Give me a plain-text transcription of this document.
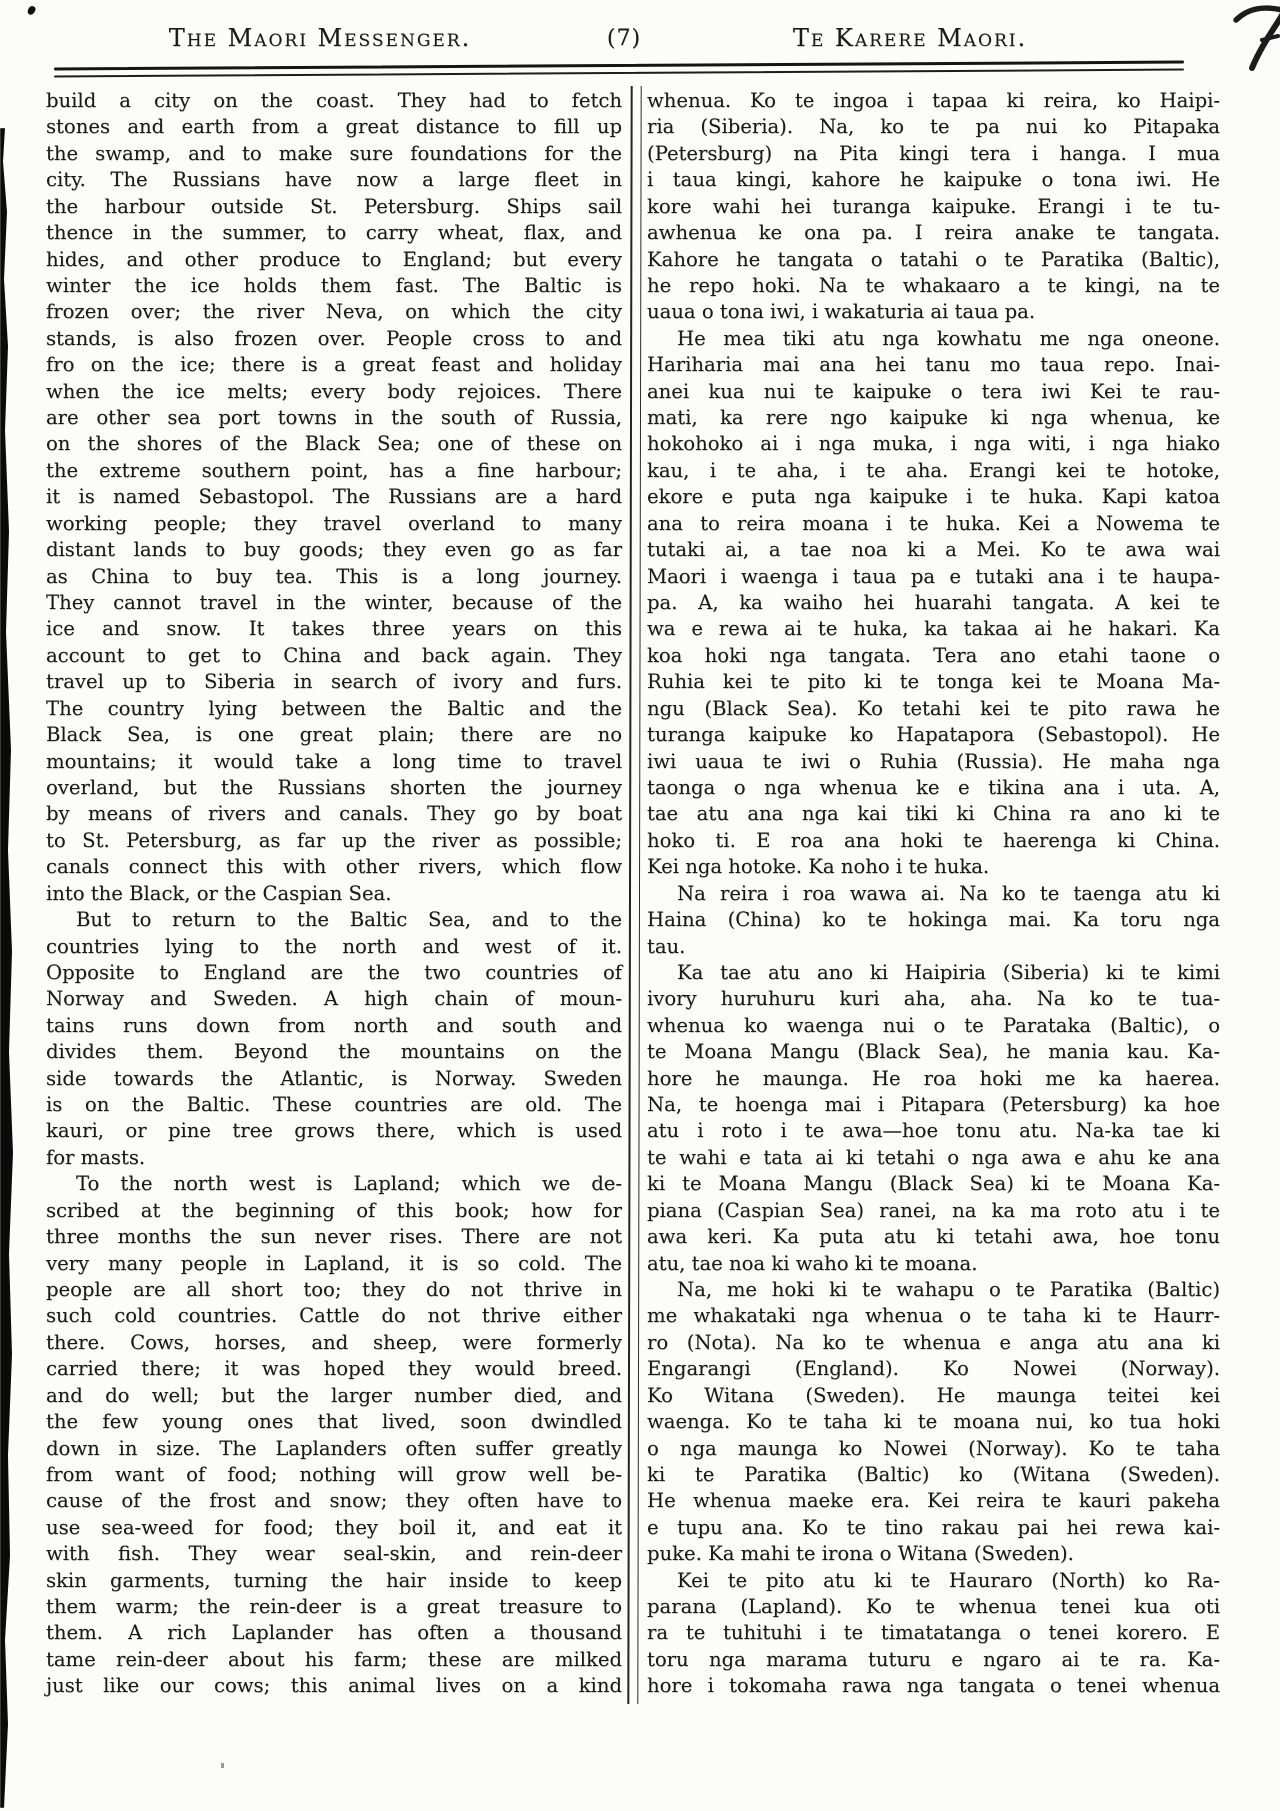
The Maori Messenger.	(7)	Te Karere Maori.
build a city on the coast. They had to fetch
stones and earth from a great distance to fill up
the swamp, and to make sure foundations for the
city. The Russians have now a large fleet in
the harbour outside St. Petersburg. Ships sail
thence in the summer, to carry wheat, flax, and
hides, and other produce to England; but every
winter the ice holds them fast. The Baltic is
frozen over; the river Neva, on which the city
stands, is also frozen over. People cross to and
fro on the ice; there is a great feast and holiday
when the ice melts; every body rejoices. There
are other sea port towns in the south of Russia,
on the shores of the Black Sea; one of these on
the extreme southern point, has a fine harbour;
it is named Sebastopol. The Russians are a hard
working people; they travel overland to many
distant lands to buy goods; they even go as far
as China to buy tea. This is a long journey.
They cannot travel in the winter, because of the
ice and snow. It takes three years on this
account to get to China and back again. They
travel up to Siberia in search of ivory and furs.
The country lying between the Baltic and the
Black Sea, is one great plain; there are no
mountains; it would take a long time to travel
overland, but the Russians shorten the journey
by means of rivers and canals. They go by boat
to St. Petersburg, as far up the river as possible;
canals connect this with other rivers, which flow
into the Black, or the Caspian Sea.
But to return to the Baltic Sea, and to the
countries lying to the north and west of it.
Opposite to England are the two countries of
Norway and Sweden. A high chain of moun-
tains runs down from north and south and
divides them. Beyond the mountains on the
side towards the Atlantic, is Norway. Sweden
is on the Baltic. These countries are old. The
kauri, or pine tree grows there, which is used
for masts.
To the north west is Lapland; which we de-
scribed at the beginning of this book; how for
three months the sun never rises. There are not
very many people in Lapland, it is so cold. The
people are all short too; they do not thrive in
such cold countries. Cattle do not thrive either
there. Cows, horses, and sheep, were formerly
carried there; it was hoped they would breed.
and do well; but the larger number died, and
the few young ones that lived, soon dwindled
down in size. The Laplanders often suffer greatly
from want of food; nothing will grow well be-
cause of the frost and snow; they often have to
use sea-weed for food; they boil it, and eat it
with fish. They wear seal-skin, and rein-deer
skin garments, turning the hair inside to keep
them warm; the rein-deer is a great treasure to
them. A rich Laplander has often a thousand
tame rein-deer about his farm; these are milked
just like our cows; this animal lives on a kind
whenua. Ko te ingoa i tapaa ki reira, ko Haipi-
ria (Siberia). Na, ko te pa nui ko Pitapaka
(Petersburg) na Pita kingi tera i hanga. I mua
i taua kingi, kahore he kaipuke o tona iwi. He
kore wahi hei turanga kaipuke. Erangi i te tu-
awhenua ke ona pa. I reira anake te tangata.
Kahore he tangata o tatahi o te Paratika (Baltic),
he repo hoki. Na te whakaaro a te kingi, na te
uaua o tona iwi, i wakaturia ai taua pa.
He mea tiki atu nga kowhatu me nga oneone.
Hariharia mai ana hei tanu mo taua repo. Inai-
anei kua nui te kaipuke o tera iwi Kei te rau-
mati, ka rere ngo kaipuke ki nga whenua, ke
hokohoko ai i nga muka, i nga witi, i nga hiako
kau, i te aha, i te aha. Erangi kei te hotoke,
ekore e puta nga kaipuke i te huka. Kapi katoa
ana to reira moana i te huka. Kei a Nowema te
tutaki ai, a tae noa ki a Mei. Ko te awa wai
Maori i waenga i taua pa e tutaki ana i te haupa-
pa. A, ka waiho hei huarahi tangata. A kei te
wa e rewa ai te huka, ka takaa ai he hakari. Ka
koa hoki nga tangata. Tera ano etahi taone o
Ruhia kei te pito ki te tonga kei te Moana Ma-
ngu (Black Sea). Ko tetahi kei te pito rawa he
turanga kaipuke ko Hapatapora (Sebastopol). He
iwi uaua te iwi o Ruhia (Russia). He maha nga
taonga o nga whenua ke e tikina ana i uta. A,
tae atu ana nga kai tiki ki China ra ano ki te
hoko ti. E roa ana hoki te haerenga ki China.
Kei nga hotoke. Ka noho i te huka.
Na reira i roa wawa ai. Na ko te taenga atu ki
Haina (China) ko te hokinga mai. Ka toru nga
tau.
Ka tae atu ano ki Haipiria (Siberia) ki te kimi
ivory huruhuru kuri aha, aha. Na ko te tua-
whenua ko waenga nui o te Parataka (Baltic), o
te Moana Mangu (Black Sea), he mania kau. Ka-
hore he maunga. He roa hoki me ka haerea.
Na, te hoenga mai i Pitapara (Petersburg) ka hoe
atu i roto i te awa—hoe tonu atu. Na-ka tae ki
te wahi e tata ai ki tetahi o nga awa e ahu ke ana
ki te Moana Mangu (Black Sea) ki te Moana Ka-
piana (Caspian Sea) ranei, na ka ma roto atu i te
awa keri. Ka puta atu ki tetahi awa, hoe tonu
atu, tae noa ki waho ki te moana.
Na, me hoki ki te wahapu o te Paratika (Baltic)
me whakataki nga whenua o te taha ki te Haurr-
ro (Nota). Na ko te whenua e anga atu ana ki
Engarangi (England). Ko Nowei (Norway).
Ko Witana (Sweden). He maunga teitei kei
waenga. Ko te taha ki te moana nui, ko tua hoki
o nga maunga ko Nowei (Norway). Ko te taha
ki te Paratika (Baltic) ko (Witana (Sweden).
He whenua maeke era. Kei reira te kauri pakeha
e tupu ana. Ko te tino rakau pai hei rewa kai-
puke. Ka mahi te irona o Witana (Sweden).
Kei te pito atu ki te Hauraro (North) ko Ra-
parana (Lapland). Ko te whenua tenei kua oti
ra te tuhituhi i te timatatanga o tenei korero. E
toru nga marama tuturu e ngaro ai te ra. Ka-
hore i tokomaha rawa nga tangata o tenei whenua
